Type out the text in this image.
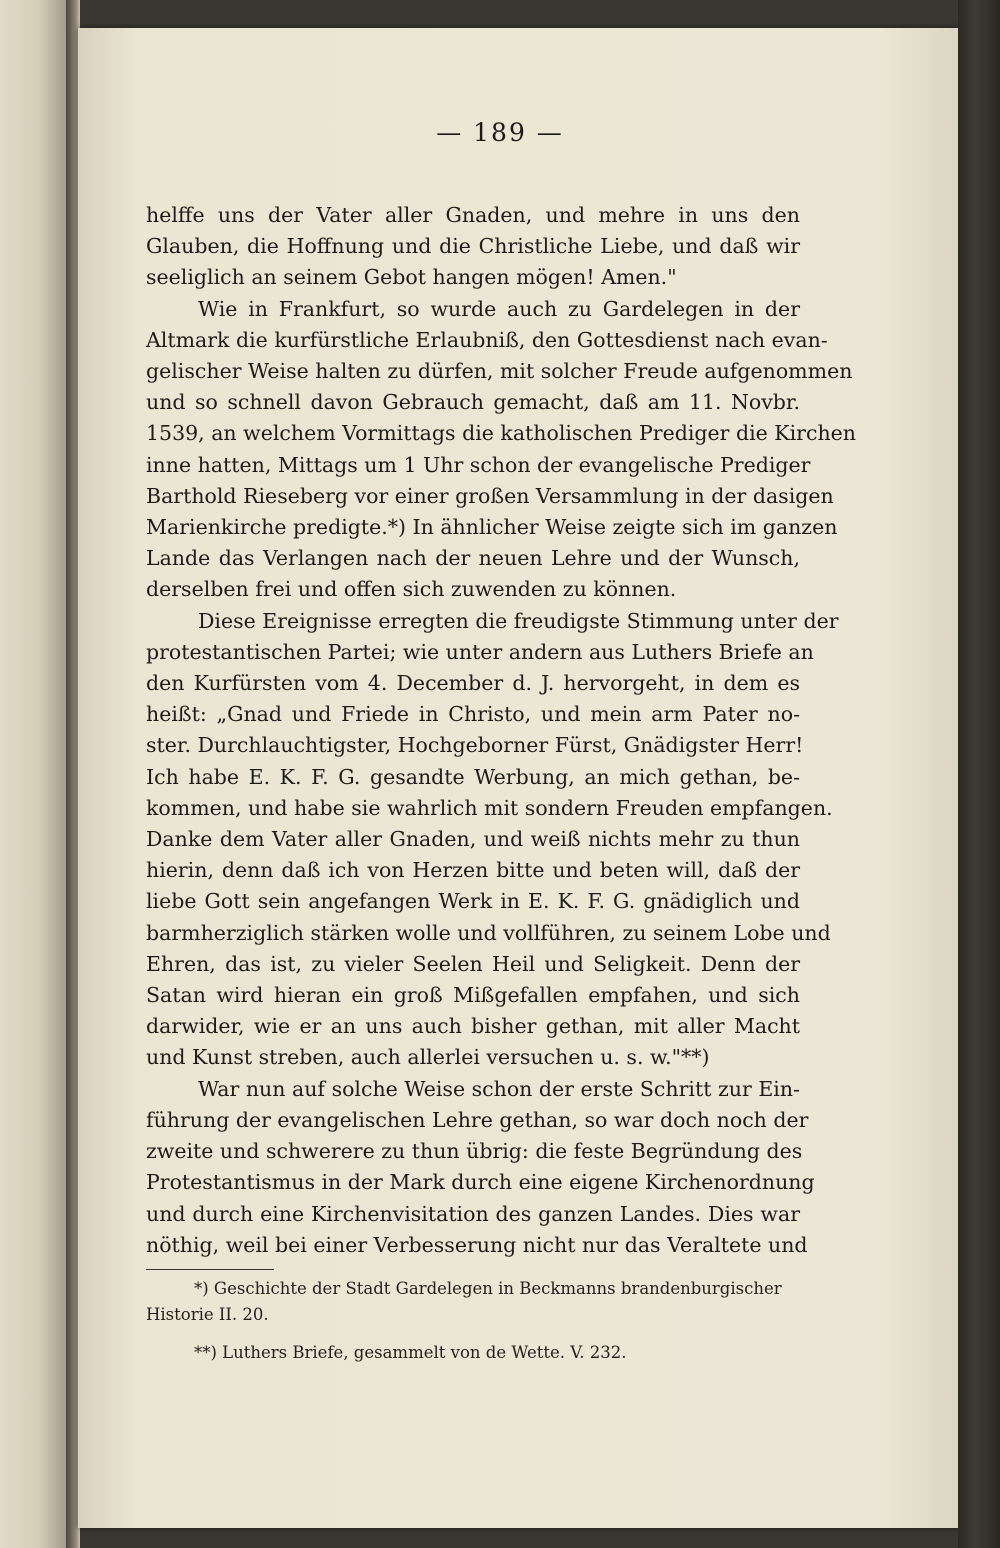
— 189 —
helffe uns der Vater aller Gnaden, und mehre in uns den
Glauben, die Hoffnung und die Christliche Liebe, und daß wir
seeliglich an seinem Gebot hangen mögen! Amen."
Wie in Frankfurt, so wurde auch zu Gardelegen in der
Altmark die kurfürstliche Erlaubniß, den Gottesdienst nach evan-
gelischer Weise halten zu dürfen, mit solcher Freude aufgenommen
und so schnell davon Gebrauch gemacht, daß am 11. Novbr.
1539, an welchem Vormittags die katholischen Prediger die Kirchen
inne hatten, Mittags um 1 Uhr schon der evangelische Prediger
Barthold Rieseberg vor einer großen Versammlung in der dasigen
Marienkirche predigte.*) In ähnlicher Weise zeigte sich im ganzen
Lande das Verlangen nach der neuen Lehre und der Wunsch,
derselben frei und offen sich zuwenden zu können.
Diese Ereignisse erregten die freudigste Stimmung unter der
protestantischen Partei; wie unter andern aus Luthers Briefe an
den Kurfürsten vom 4. December d. J. hervorgeht, in dem es
heißt: „Gnad und Friede in Christo, und mein arm Pater no-
ster. Durchlauchtigster, Hochgeborner Fürst, Gnädigster Herr!
Ich habe E. K. F. G. gesandte Werbung, an mich gethan, be-
kommen, und habe sie wahrlich mit sondern Freuden empfangen.
Danke dem Vater aller Gnaden, und weiß nichts mehr zu thun
hierin, denn daß ich von Herzen bitte und beten will, daß der
liebe Gott sein angefangen Werk in E. K. F. G. gnädiglich und
barmherziglich stärken wolle und vollführen, zu seinem Lobe und
Ehren, das ist, zu vieler Seelen Heil und Seligkeit. Denn der
Satan wird hieran ein groß Mißgefallen empfahen, und sich
darwider, wie er an uns auch bisher gethan, mit aller Macht
und Kunst streben, auch allerlei versuchen u. s. w."**)
War nun auf solche Weise schon der erste Schritt zur Ein-
führung der evangelischen Lehre gethan, so war doch noch der
zweite und schwerere zu thun übrig: die feste Begründung des
Protestantismus in der Mark durch eine eigene Kirchenordnung
und durch eine Kirchenvisitation des ganzen Landes. Dies war
nöthig, weil bei einer Verbesserung nicht nur das Veraltete und
*) Geschichte der Stadt Gardelegen in Beckmanns brandenburgischer
Historie II. 20.
**) Luthers Briefe, gesammelt von de Wette. V. 232.
